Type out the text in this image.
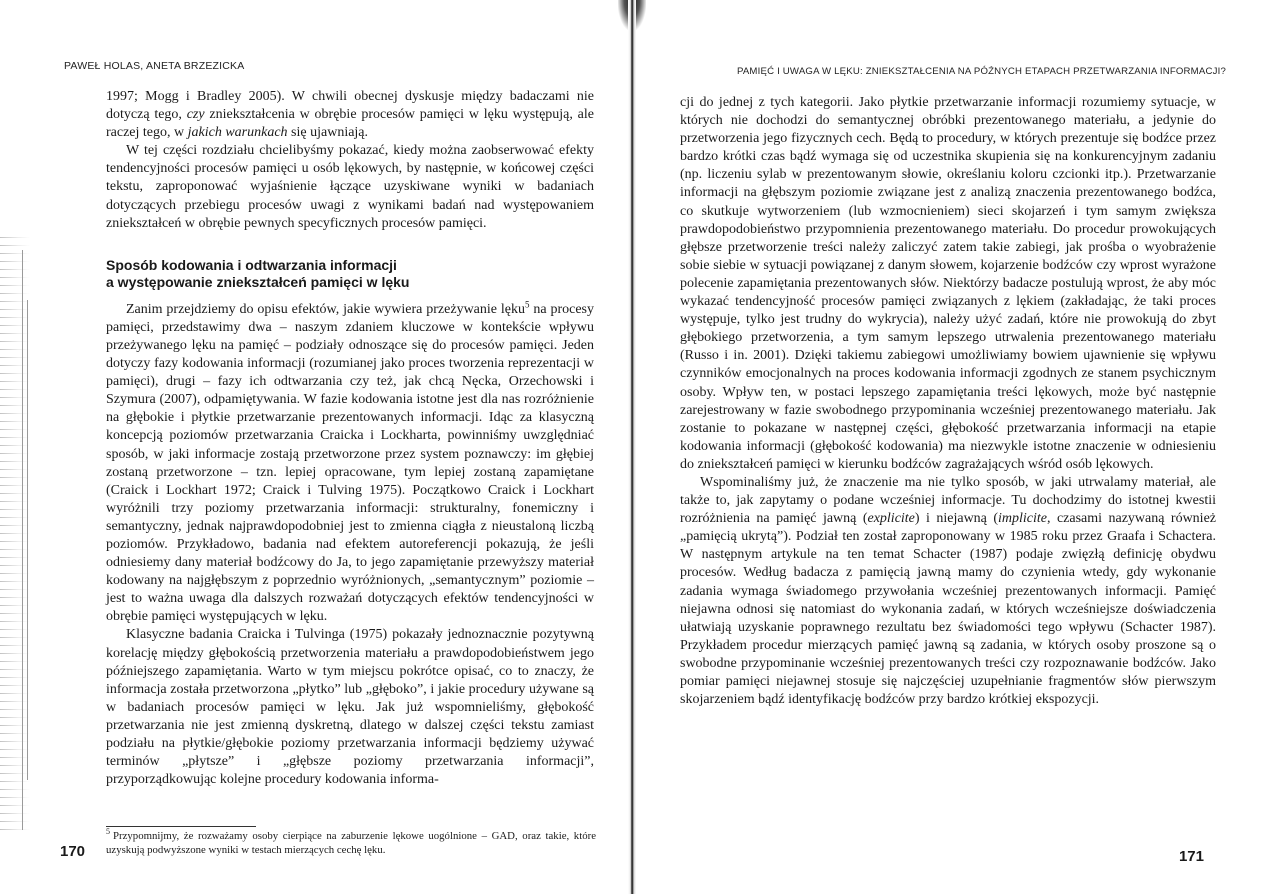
PAWEŁ HOLAS, ANETA BRZEZICKA

1997; Mogg i Bradley 2005). W chwili obecnej dyskusje między badaczami nie dotyczą tego, czy zniekształcenia w obrębie procesów pamięci w lęku występują, ale raczej tego, w jakich warunkach się ujawniają.

W tej części rozdziału chcielibyśmy pokazać, kiedy można zaobserwować efekty tendencyjności procesów pamięci u osób lękowych, by następnie, w końcowej części tekstu, zaproponować wyjaśnienie łączące uzyskiwane wyniki w badaniach dotyczących przebiegu procesów uwagi z wynikami badań nad występowaniem zniekształceń w obrębie pewnych specyficznych procesów pamięci.

Sposób kodowania i odtwarzania informacji
a występowanie zniekształceń pamięci w lęku

Zanim przejdziemy do opisu efektów, jakie wywiera przeżywanie lęku$^5$ na procesy pamięci, przedstawimy dwa – naszym zdaniem kluczowe w kontekście wpływu przeżywanego lęku na pamięć – podziały odnoszące się do procesów pamięci. Jeden dotyczy fazy kodowania informacji (rozumianej jako proces tworzenia reprezentacji w pamięci), drugi – fazy ich odtwarzania czy też, jak chcą Nęcka, Orzechowski i Szymura (2007), odpamiętywania. W fazie kodowania istotne jest dla nas rozróżnienie na głębokie i płytkie przetwarzanie prezentowanych informacji. Idąc za klasyczną koncepcją poziomów przetwarzania Craicka i Lockharta, powinniśmy uwzględniać sposób, w jaki informacje zostają przetworzone przez system poznawczy: im głębiej zostaną przetworzone – tzn. lepiej opracowane, tym lepiej zostaną zapamiętane (Craick i Lockhart 1972; Craick i Tulving 1975). Początkowo Craick i Lockhart wyróżnili trzy poziomy przetwarzania informacji: strukturalny, fonemiczny i semantyczny, jednak najprawdopodobniej jest to zmienna ciągła z nieustaloną liczbą poziomów. Przykładowo, badania nad efektem autoreferencji pokazują, że jeśli odniesiemy dany materiał bodźcowy do Ja, to jego zapamiętanie przewyższy materiał kodowany na najgłębszym z poprzednio wyróżnionych, „semantycznym” poziomie – jest to ważna uwaga dla dalszych rozważań dotyczących efektów tendencyjności w obrębie pamięci występujących w lęku.

Klasyczne badania Craicka i Tulvinga (1975) pokazały jednoznacznie pozytywną korelację między głębokością przetworzenia materiału a prawdopodobieństwem jego późniejszego zapamiętania. Warto w tym miejscu pokrótce opisać, co to znaczy, że informacja została przetworzona „płytko” lub „głęboko”, i jakie procedury używane są w badaniach procesów pamięci w lęku. Jak już wspomnieliśmy, głębokość przetwarzania nie jest zmienną dyskretną, dlatego w dalszej części tekstu zamiast podziału na płytkie/głębokie poziomy przetwarzania informacji będziemy używać terminów „płytsze” i „głębsze poziomy przetwarzania informacji”, przyporządkowując kolejne procedury kodowania informa-

$^5$ Przypomnijmy, że rozważamy osoby cierpiące na zaburzenie lękowe uogólnione – GAD, oraz takie, które uzyskują podwyższone wyniki w testach mierzących cechę lęku.

170
PAMIĘĆ I UWAGA W LĘKU: ZNIEKSZTAŁCENIA NA PÓŹNYCH ETAPACH PRZETWARZANIA INFORMACJI?

cji do jednej z tych kategorii. Jako płytkie przetwarzanie informacji rozumiemy sytuacje, w których nie dochodzi do semantycznej obróbki prezentowanego materiału, a jedynie do przetworzenia jego fizycznych cech. Będą to procedury, w których prezentuje się bodźce przez bardzo krótki czas bądź wymaga się od uczestnika skupienia się na konkurencyjnym zadaniu (np. liczeniu sylab w prezentowanym słowie, określaniu koloru czcionki itp.). Przetwarzanie informacji na głębszym poziomie związane jest z analizą znaczenia prezentowanego bodźca, co skutkuje wytworzeniem (lub wzmocnieniem) sieci skojarzeń i tym samym zwiększa prawdopodobieństwo przypomnienia prezentowanego materiału. Do procedur prowokujących głębsze przetworzenie treści należy zaliczyć zatem takie zabiegi, jak prośba o wyobrażenie sobie siebie w sytuacji powiązanej z danym słowem, kojarzenie bodźców czy wprost wyrażone polecenie zapamiętania prezentowanych słów. Niektórzy badacze postulują wprost, że aby móc wykazać tendencyjność procesów pamięci związanych z lękiem (zakładając, że taki proces występuje, tylko jest trudny do wykrycia), należy użyć zadań, które nie prowokują do zbyt głębokiego przetworzenia, a tym samym lepszego utrwalenia prezentowanego materiału (Russo i in. 2001). Dzięki takiemu zabiegowi umożliwiamy bowiem ujawnienie się wpływu czynników emocjonalnych na proces kodowania informacji zgodnych ze stanem psychicznym osoby. Wpływ ten, w postaci lepszego zapamiętania treści lękowych, może być następnie zarejestrowany w fazie swobodnego przypominania wcześniej prezentowanego materiału. Jak zostanie to pokazane w następnej części, głębokość przetwarzania informacji na etapie kodowania informacji (głębokość kodowania) ma niezwykle istotne znaczenie w odniesieniu do zniekształceń pamięci w kierunku bodźców zagrażających wśród osób lękowych.

Wspominaliśmy już, że znaczenie ma nie tylko sposób, w jaki utrwalamy materiał, ale także to, jak zapytamy o podane wcześniej informacje. Tu dochodzimy do istotnej kwestii rozróżnienia na pamięć jawną (explicite) i niejawną (implicite, czasami nazywaną również „pamięcią ukrytą”). Podział ten został zaproponowany w 1985 roku przez Graafa i Schactera. W następnym artykule na ten temat Schacter (1987) podaje zwięzłą definicję obydwu procesów. Według badacza z pamięcią jawną mamy do czynienia wtedy, gdy wykonanie zadania wymaga świadomego przywołania wcześniej prezentowanych informacji. Pamięć niejawna odnosi się natomiast do wykonania zadań, w których wcześniejsze doświadczenia ułatwiają uzyskanie poprawnego rezultatu bez świadomości tego wpływu (Schacter 1987). Przykładem procedur mierzących pamięć jawną są zadania, w których osoby proszone są o swobodne przypominanie wcześniej prezentowanych treści czy rozpoznawanie bodźców. Jako pomiar pamięci niejawnej stosuje się najczęściej uzupełnianie fragmentów słów pierwszym skojarzeniem bądź identyfikację bodźców przy bardzo krótkiej ekspozycji.

171
